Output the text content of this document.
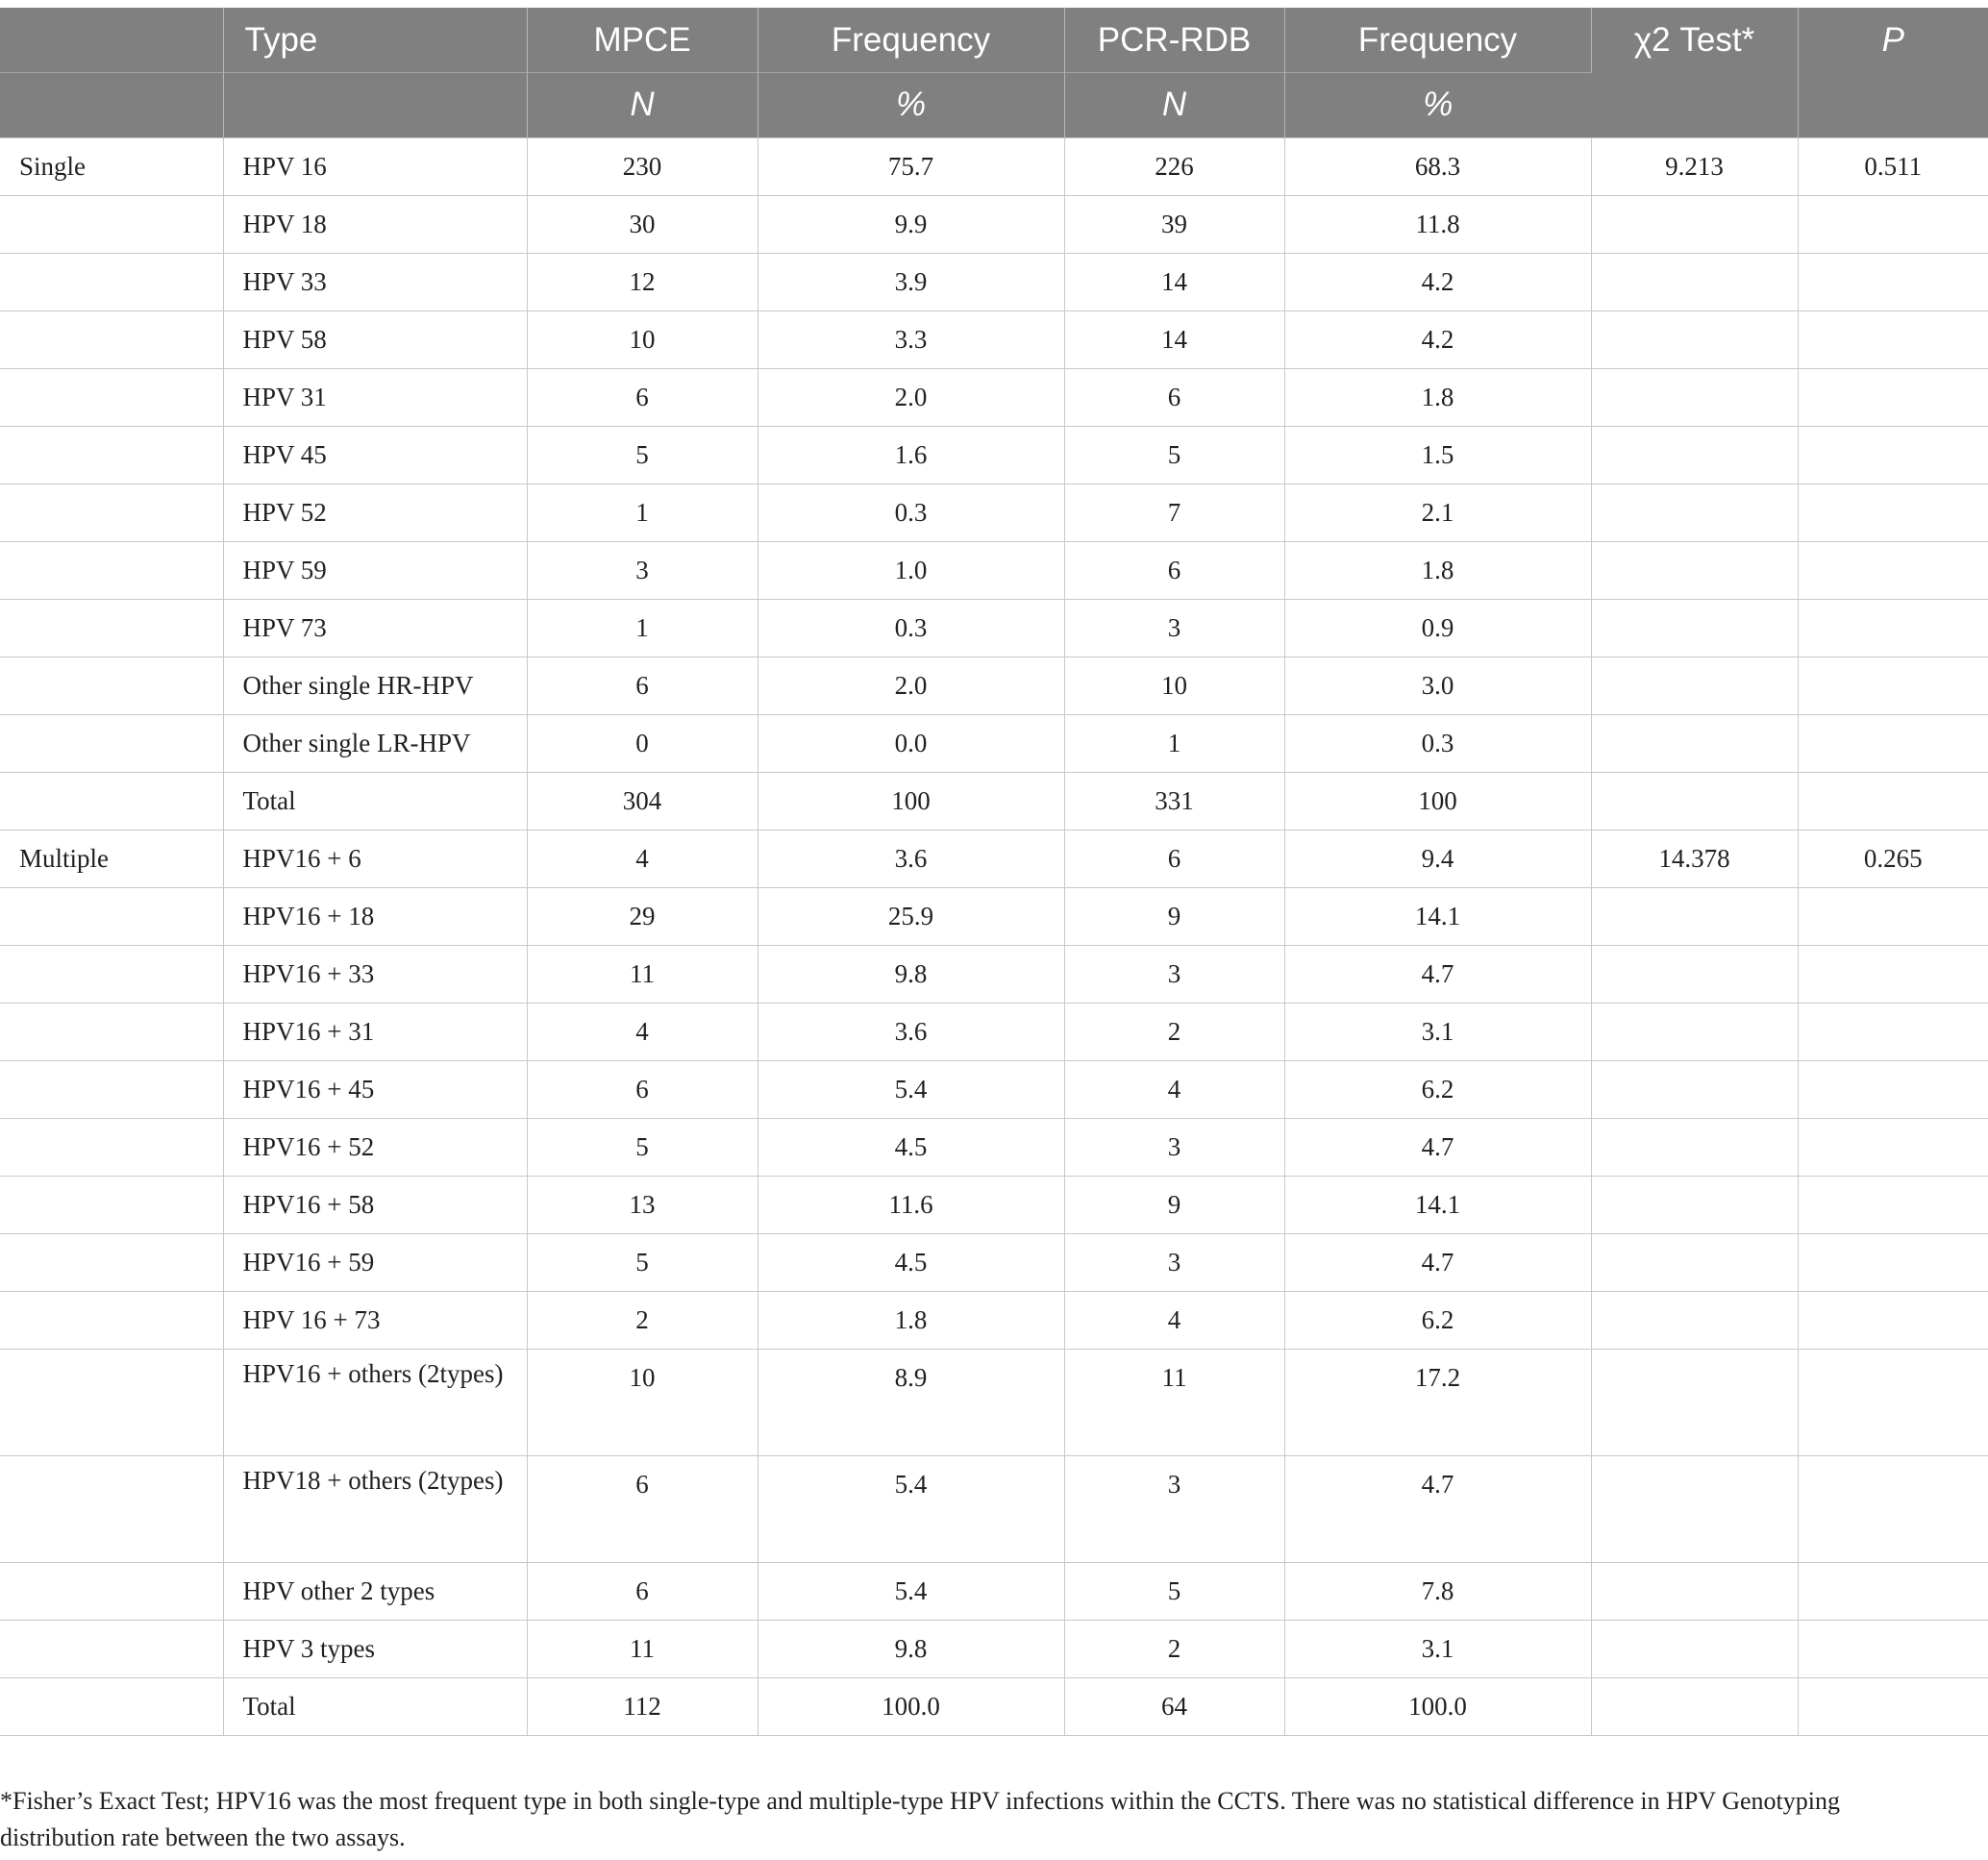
	Type	MPCE	Frequency	PCR-RDB	Frequency	χ2 Test*	P
		N	%	N	%		
Single	HPV 16	230	75.7	226	68.3	9.213	0.511
	HPV 18	30	9.9	39	11.8		
	HPV 33	12	3.9	14	4.2		
	HPV 58	10	3.3	14	4.2		
	HPV 31	6	2.0	6	1.8		
	HPV 45	5	1.6	5	1.5		
	HPV 52	1	0.3	7	2.1		
	HPV 59	3	1.0	6	1.8		
	HPV 73	1	0.3	3	0.9		
	Other single HR-HPV	6	2.0	10	3.0		
	Other single LR-HPV	0	0.0	1	0.3		
	Total	304	100	331	100		
Multiple	HPV16 + 6	4	3.6	6	9.4	14.378	0.265
	HPV16 + 18	29	25.9	9	14.1		
	HPV16 + 33	11	9.8	3	4.7		
	HPV16 + 31	4	3.6	2	3.1		
	HPV16 + 45	6	5.4	4	6.2		
	HPV16 + 52	5	4.5	3	4.7		
	HPV16 + 58	13	11.6	9	14.1		
	HPV16 + 59	5	4.5	3	4.7		
	HPV 16 + 73	2	1.8	4	6.2		
	HPV16 + others (2types)	10	8.9	11	17.2		
	HPV18 + others (2types)	6	5.4	3	4.7		
	HPV other 2 types	6	5.4	5	7.8		
	HPV 3 types	11	9.8	2	3.1		
	Total	112	100.0	64	100.0		
*Fisher’s Exact Test; HPV16 was the most frequent type in both single-type and multiple-type HPV infections within the CCTS. There was no statistical difference in HPV Genotyping distribution rate between the two assays.
